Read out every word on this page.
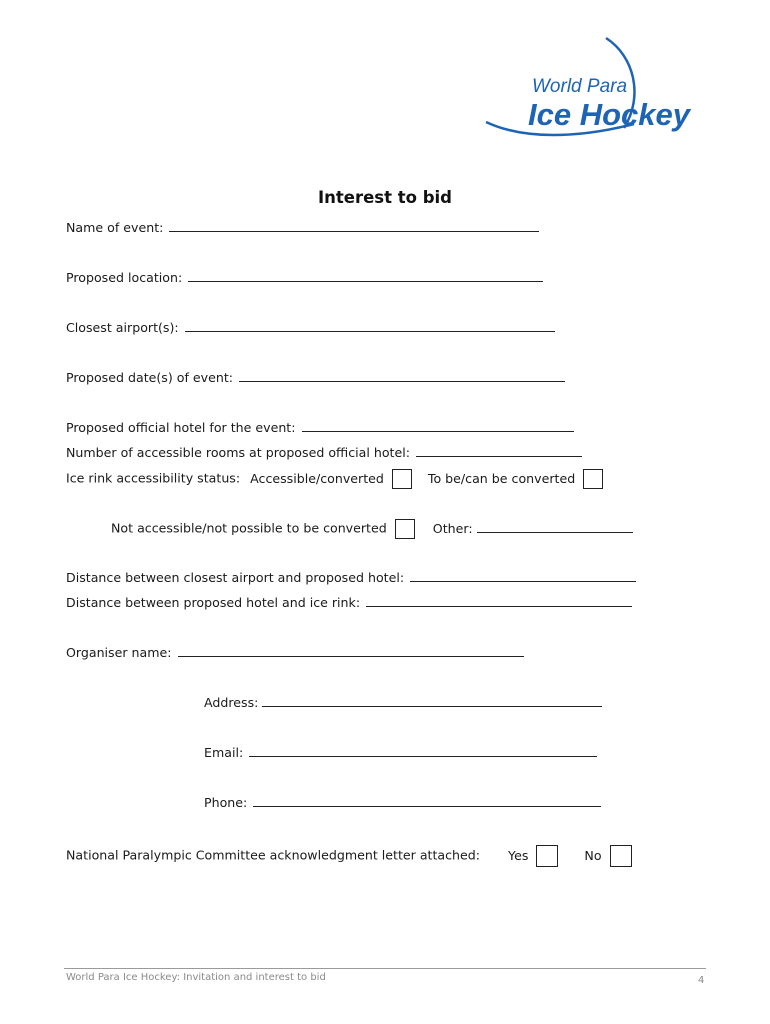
World Para
Ice Hockey
Interest to bid
Name of event:
Proposed location:
Closest airport(s):
Proposed date(s) of event:
Proposed official hotel for the event:
Number of accessible rooms at proposed official hotel:
Ice rink accessibility status: Accessible/converted	To be/can be converted
Not accessible/not possible to be converted	Other:
Distance between closest airport and proposed hotel:
Distance between proposed hotel and ice rink:
Organiser name:
Address:
Email:
Phone:
National Paralympic Committee acknowledgment letter attached: Yes	No
World Para Ice Hockey: Invitation and interest to bid	4
